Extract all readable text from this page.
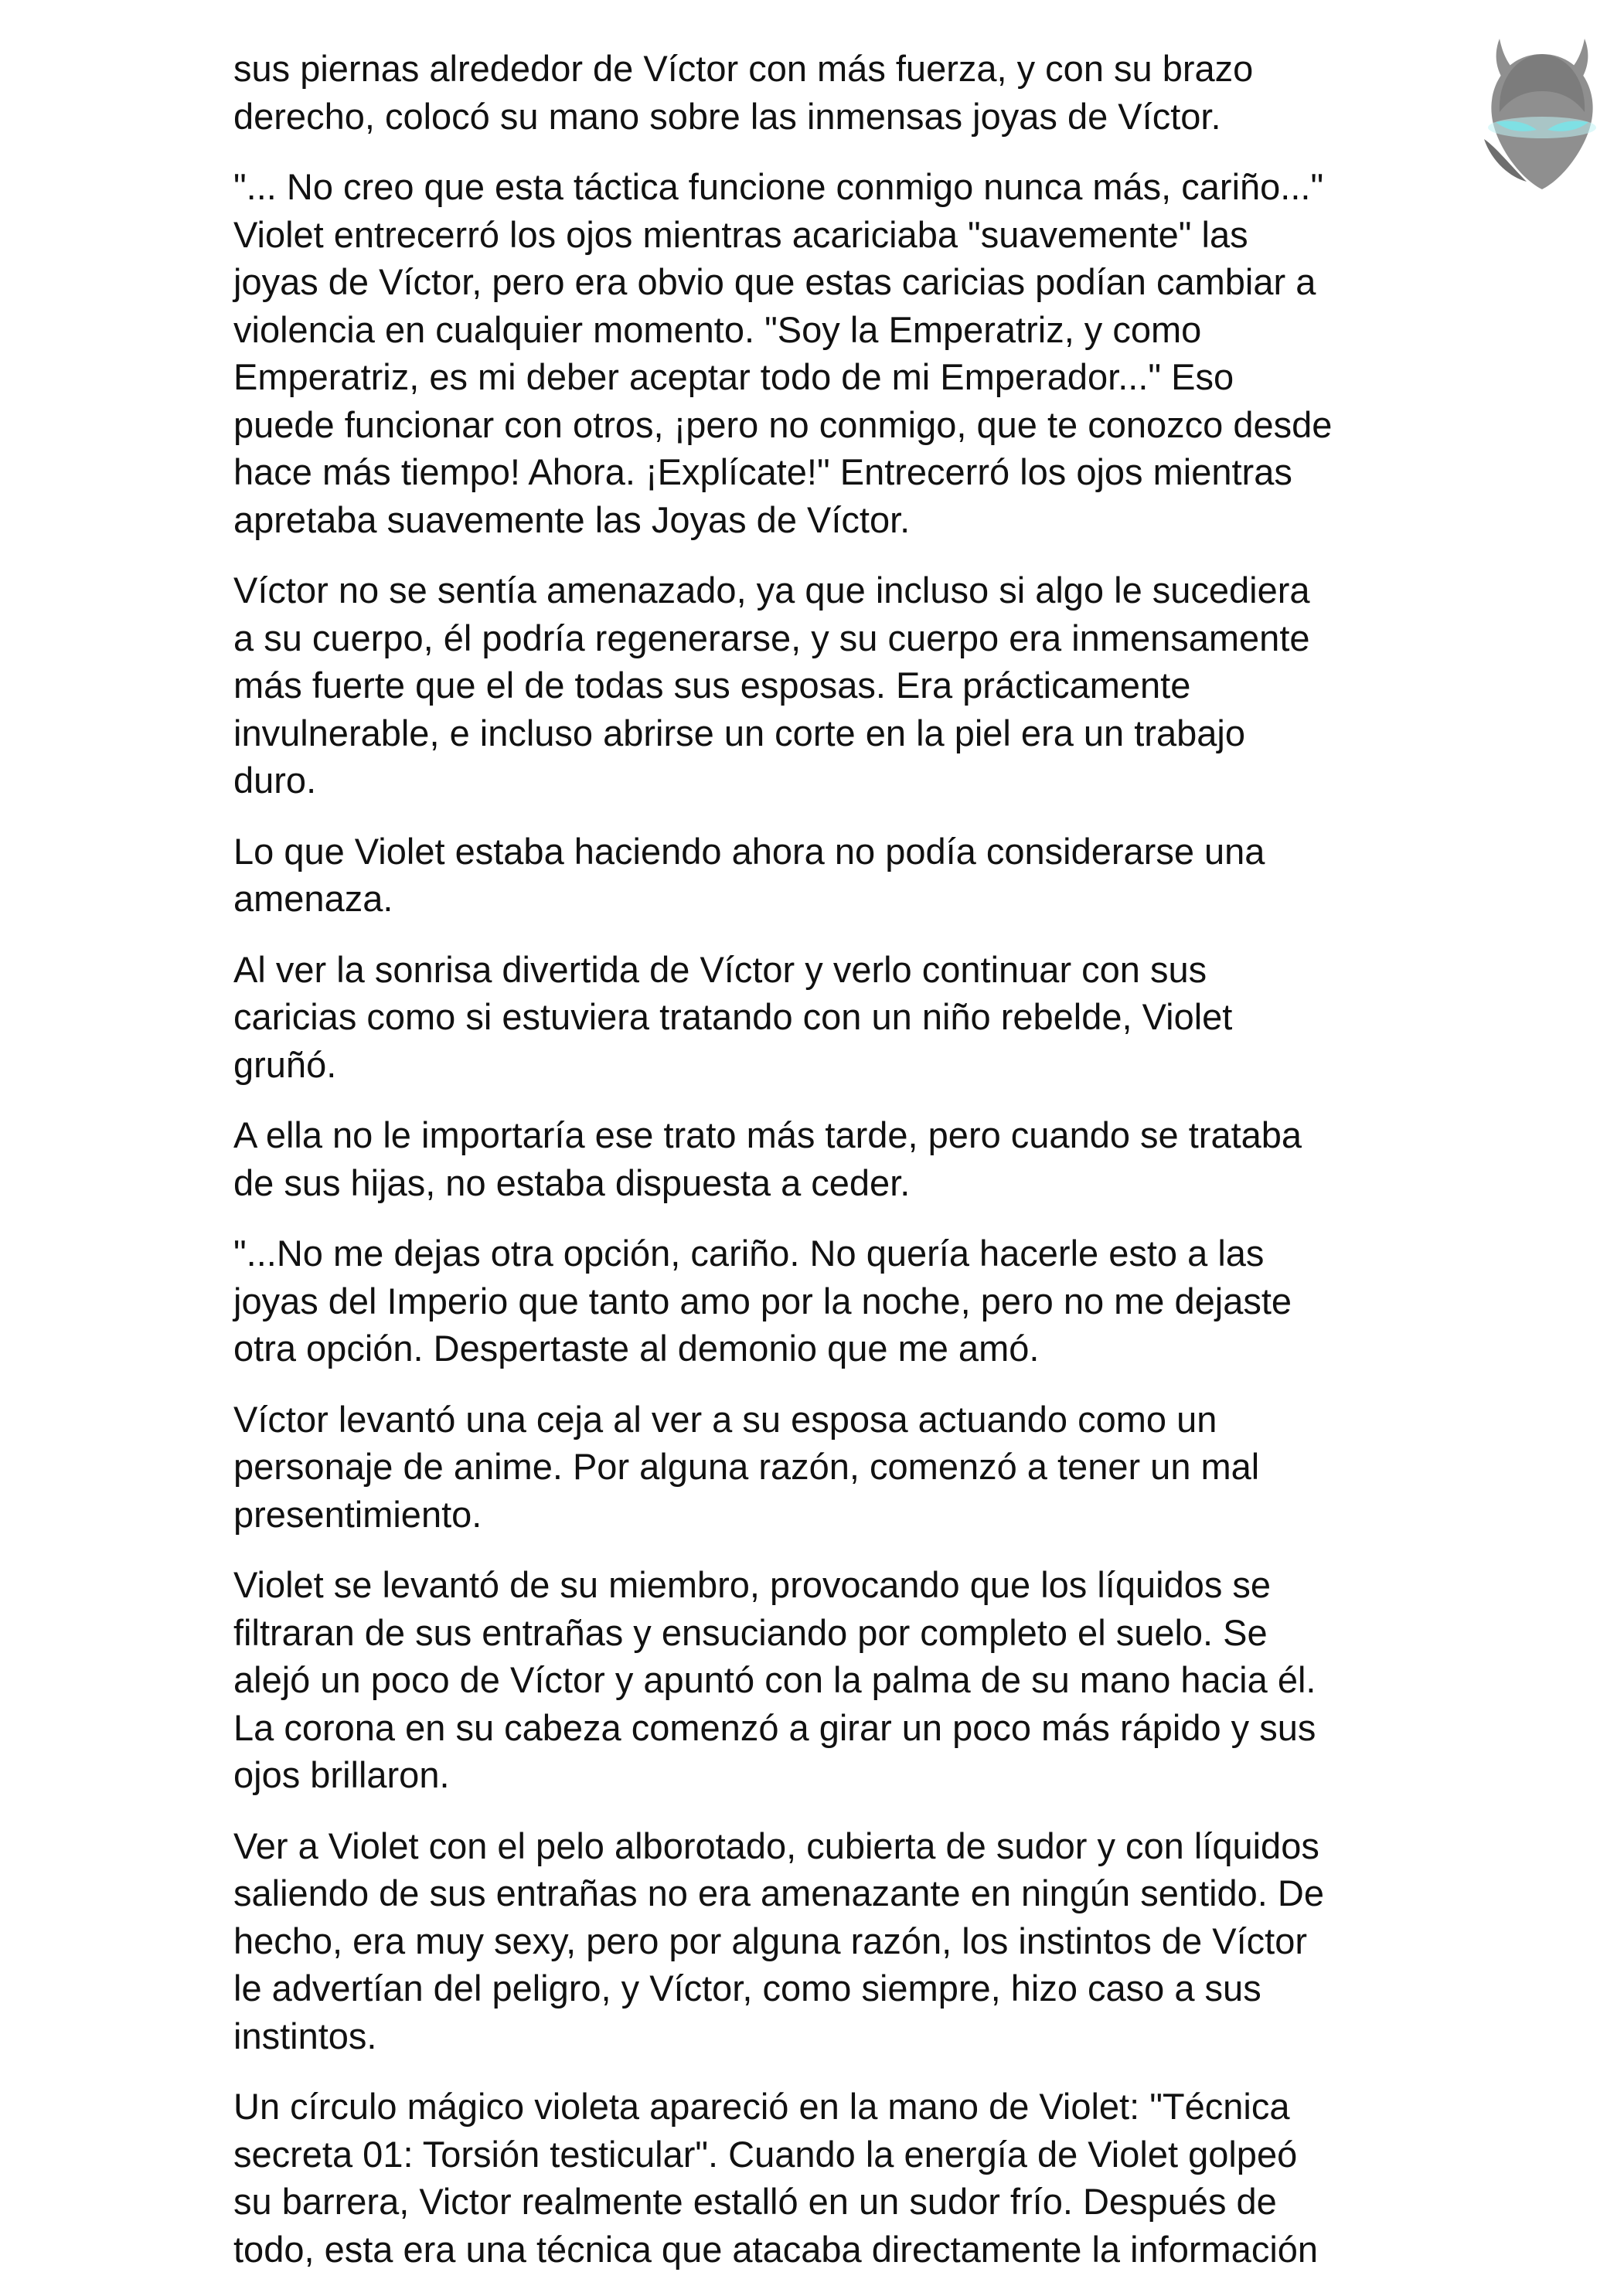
sus piernas alrededor de Víctor con más fuerza, y con su brazo
derecho, colocó su mano sobre las inmensas joyas de Víctor.

"... No creo que esta táctica funcione conmigo nunca más, cariño..."
Violet entrecerró los ojos mientras acariciaba "suavemente" las
joyas de Víctor, pero era obvio que estas caricias podían cambiar a
violencia en cualquier momento. "Soy la Emperatriz, y como
Emperatriz, es mi deber aceptar todo de mi Emperador..." Eso
puede funcionar con otros, ¡pero no conmigo, que te conozco desde
hace más tiempo! Ahora. ¡Explícate!" Entrecerró los ojos mientras
apretaba suavemente las Joyas de Víctor.

Víctor no se sentía amenazado, ya que incluso si algo le sucediera
a su cuerpo, él podría regenerarse, y su cuerpo era inmensamente
más fuerte que el de todas sus esposas. Era prácticamente
invulnerable, e incluso abrirse un corte en la piel era un trabajo
duro.

Lo que Violet estaba haciendo ahora no podía considerarse una
amenaza.

Al ver la sonrisa divertida de Víctor y verlo continuar con sus
caricias como si estuviera tratando con un niño rebelde, Violet
gruñó.

A ella no le importaría ese trato más tarde, pero cuando se trataba
de sus hijas, no estaba dispuesta a ceder.

"...No me dejas otra opción, cariño. No quería hacerle esto a las
joyas del Imperio que tanto amo por la noche, pero no me dejaste
otra opción. Despertaste al demonio que me amó.

Víctor levantó una ceja al ver a su esposa actuando como un
personaje de anime. Por alguna razón, comenzó a tener un mal
presentimiento.

Violet se levantó de su miembro, provocando que los líquidos se
filtraran de sus entrañas y ensuciando por completo el suelo. Se
alejó un poco de Víctor y apuntó con la palma de su mano hacia él.
La corona en su cabeza comenzó a girar un poco más rápido y sus
ojos brillaron.

Ver a Violet con el pelo alborotado, cubierta de sudor y con líquidos
saliendo de sus entrañas no era amenazante en ningún sentido. De
hecho, era muy sexy, pero por alguna razón, los instintos de Víctor
le advertían del peligro, y Víctor, como siempre, hizo caso a sus
instintos.

Un círculo mágico violeta apareció en la mano de Violet: "Técnica
secreta 01: Torsión testicular". Cuando la energía de Violet golpeó
su barrera, Victor realmente estalló en un sudor frío. Después de
todo, esta era una técnica que atacaba directamente la información
